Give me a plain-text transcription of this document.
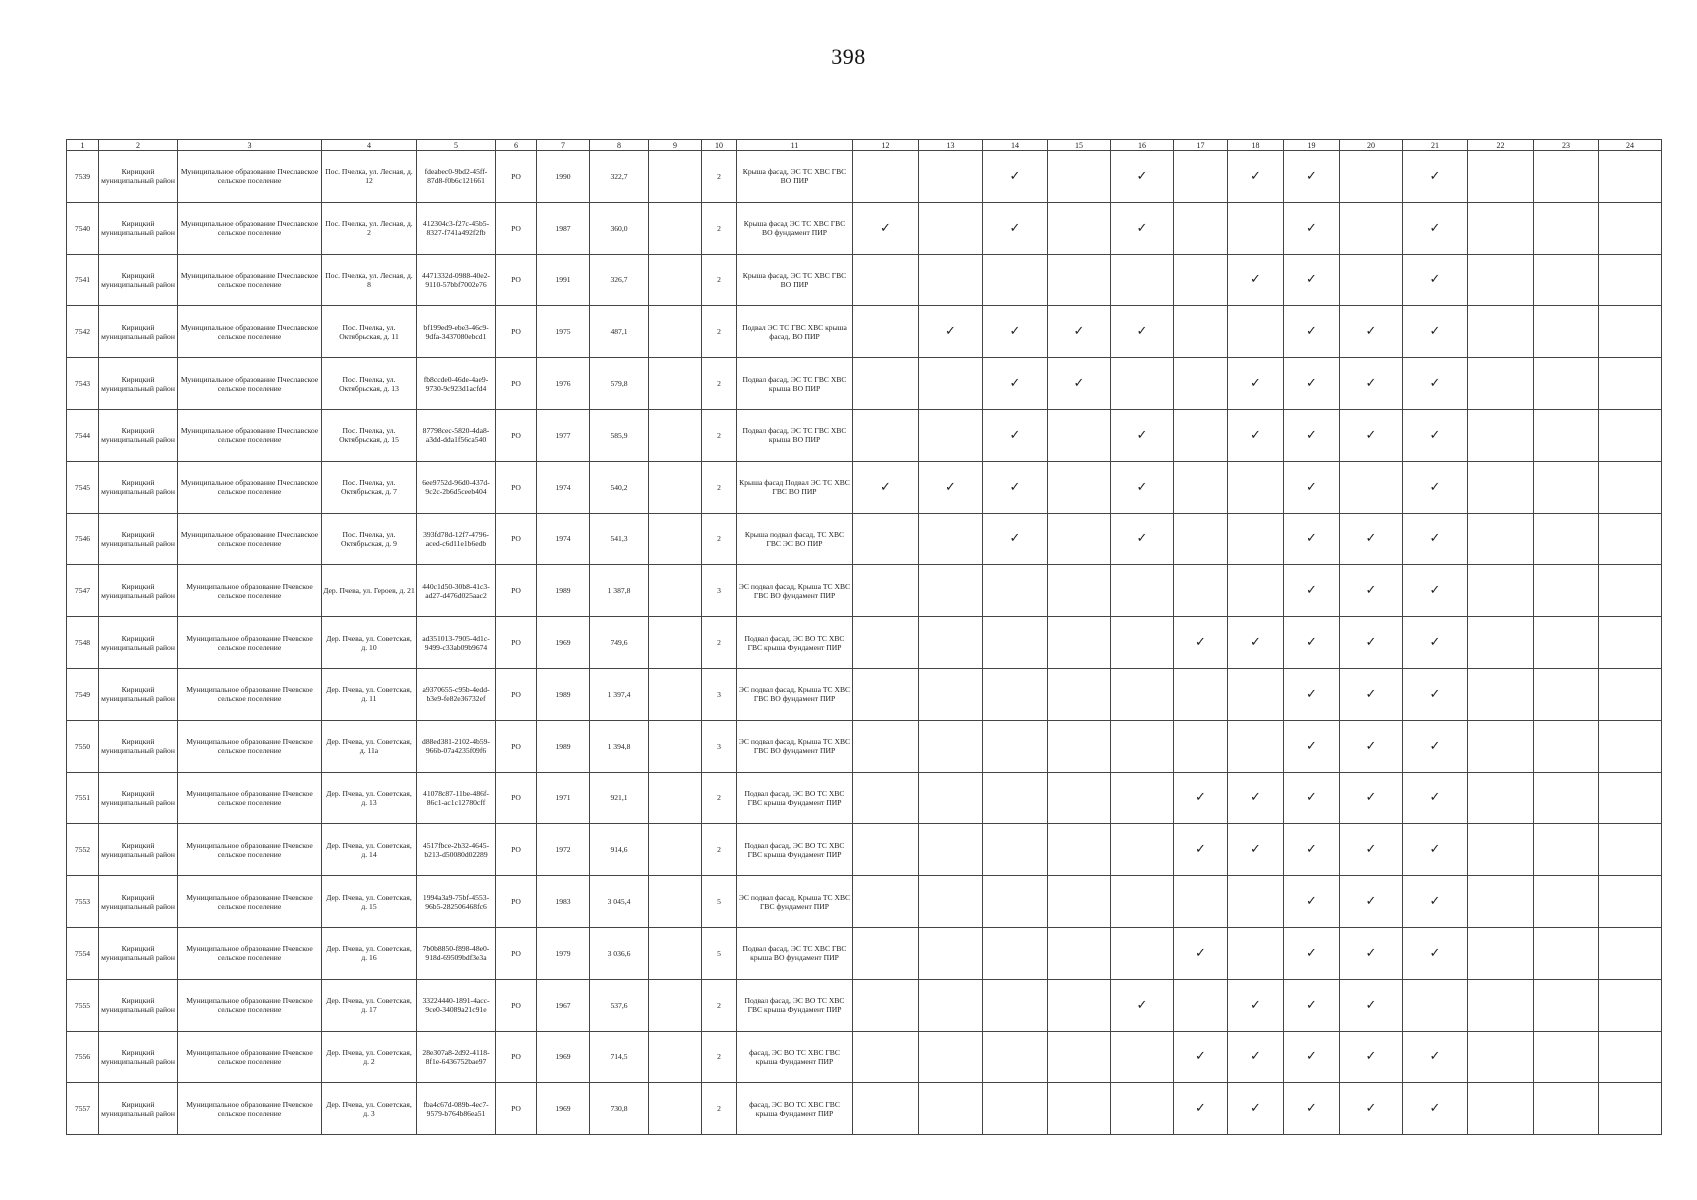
398
1	2	3	4	5	6	7	8	9	10	11	12	13	14	15	16	17	18	19	20	21	22	23	24
7539	Кирицкий муниципальный район	Муниципальное образование Пчеславское сельское поселение	Пос. Пчелка, ул. Лесная, д. 12	fdeabec0-9bd2-45ff-87d8-f0b6c121661	РО	1990	322,7		2	Крыша фасад, ЭС ТС ХВС ГВС ВО ПИР			✓		✓		✓	✓		✓			
7540	Кирицкий муниципальный район	Муниципальное образование Пчеславское сельское поселение	Пос. Пчелка, ул. Лесная, д. 2	412304c3-f27c-45b5-8327-f741a492f2fb	РО	1987	360,0		2	Крыша фасад ЭС ТС ХВС ГВС ВО фундамент ПИР	✓		✓		✓			✓		✓			
7541	Кирицкий муниципальный район	Муниципальное образование Пчеславское сельское поселение	Пос. Пчелка, ул. Лесная, д. 8	4471332d-0988-40e2-9110-57bbf7002e76	РО	1991	326,7		2	Крыша фасад, ЭС ТС ХВС ГВС ВО ПИР							✓	✓		✓			
7542	Кирицкий муниципальный район	Муниципальное образование Пчеславское сельское поселение	Пос. Пчелка, ул. Октябрьская, д. 11	bf199ed9-ebe3-46c9-9dfa-3437080ebcd1	РО	1975	487,1		2	Подвал ЭС ТС ГВС ХВС крыша фасад, ВО ПИР		✓	✓	✓	✓			✓	✓	✓			
7543	Кирицкий муниципальный район	Муниципальное образование Пчеславское сельское поселение	Пос. Пчелка, ул. Октябрьская, д. 13	fb8ccde0-46de-4ae9-9730-9c923d1acfd4	РО	1976	579,8		2	Подвал фасад, ЭС ТС ГВС ХВС крыша ВО ПИР			✓	✓			✓	✓	✓	✓			
7544	Кирицкий муниципальный район	Муниципальное образование Пчеславское сельское поселение	Пос. Пчелка, ул. Октябрьская, д. 15	87798cec-5820-4da8-a3dd-dda1f56ca540	РО	1977	585,9		2	Подвал фасад, ЭС ТС ГВС ХВС крыша ВО ПИР			✓		✓		✓	✓	✓	✓			
7545	Кирицкий муниципальный район	Муниципальное образование Пчеславское сельское поселение	Пос. Пчелка, ул. Октябрьская, д. 7	6ee9752d-96d0-437d-9c2c-2b6d5ceeb404	РО	1974	540,2		2	Крыша фасад Подвал ЭС ТС ХВС ГВС ВО ПИР	✓	✓	✓		✓			✓		✓			
7546	Кирицкий муниципальный район	Муниципальное образование Пчеславское сельское поселение	Пос. Пчелка, ул. Октябрьская, д. 9	393fd78d-12f7-4796-aced-c6d11e1b6edb	РО	1974	541,3		2	Крыша подвал фасад, ТС ХВС ГВС ЭС ВО ПИР			✓		✓			✓	✓	✓			
7547	Кирицкий муниципальный район	Муниципальное образование Пчевское сельское поселение	Дер. Пчева, ул. Героев, д. 21	440c1d50-30b8-41c3-ad27-d476d025aac2	РО	1989	1 387,8		3	ЭС подвал фасад, Крыша ТС ХВС ГВС ВО фундамент ПИР								✓	✓	✓			
7548	Кирицкий муниципальный район	Муниципальное образование Пчевское сельское поселение	Дер. Пчева, ул. Советская, д. 10	ad351013-7905-4d1c-9499-c33ab09b9674	РО	1969	749,6		2	Подвал фасад, ЭС ВО ТС ХВС ГВС крыша Фундамент ПИР						✓	✓	✓	✓	✓			
7549	Кирицкий муниципальный район	Муниципальное образование Пчевское сельское поселение	Дер. Пчева, ул. Советская, д. 11	a9370655-c95b-4edd-b3e9-fe82e36732ef	РО	1989	1 397,4		3	ЭС подвал фасад, Крыша ТС ХВС ГВС ВО фундамент ПИР								✓	✓	✓			
7550	Кирицкий муниципальный район	Муниципальное образование Пчевское сельское поселение	Дер. Пчева, ул. Советская, д. 11а	d88ed381-2102-4b59-966b-07a4235f09f6	РО	1989	1 394,8		3	ЭС подвал фасад, Крыша ТС ХВС ГВС ВО фундамент ПИР								✓	✓	✓			
7551	Кирицкий муниципальный район	Муниципальное образование Пчевское сельское поселение	Дер. Пчева, ул. Советская, д. 13	41078c87-11be-486f-86c1-ac1c12780cff	РО	1971	921,1		2	Подвал фасад, ЭС ВО ТС ХВС ГВС крыша Фундамент ПИР						✓	✓	✓	✓	✓			
7552	Кирицкий муниципальный район	Муниципальное образование Пчевское сельское поселение	Дер. Пчева, ул. Советская, д. 14	4517fbce-2b32-4645-b213-d50080d02289	РО	1972	914,6		2	Подвал фасад, ЭС ВО ТС ХВС ГВС крыша Фундамент ПИР						✓	✓	✓	✓	✓			
7553	Кирицкий муниципальный район	Муниципальное образование Пчевское сельское поселение	Дер. Пчева, ул. Советская, д. 15	1994a3a9-75bf-4553-96b5-282506468fc6	РО	1983	3 045,4		5	ЭС подвал фасад, Крыша ТС ХВС ГВС фундамент ПИР								✓	✓	✓			
7554	Кирицкий муниципальный район	Муниципальное образование Пчевское сельское поселение	Дер. Пчева, ул. Советская, д. 16	7b0b8850-f898-48e0-918d-69509bdf3e3a	РО	1979	3 036,6		5	Подвал фасад, ЭС ТС ХВС ГВС крыша ВО фундамент ПИР						✓		✓	✓	✓			
7555	Кирицкий муниципальный район	Муниципальное образование Пчевское сельское поселение	Дер. Пчева, ул. Советская, д. 17	33224440-1891-4acc-9ce0-34089a21c91e	РО	1967	537,6		2	Подвал фасад, ЭС ВО ТС ХВС ГВС крыша Фундамент ПИР					✓		✓	✓	✓				
7556	Кирицкий муниципальный район	Муниципальное образование Пчевское сельское поселение	Дер. Пчева, ул. Советская, д. 2	28e307a8-2d92-4118-8f1e-6436752bae97	РО	1969	714,5		2	фасад, ЭС ВО ТС ХВС ГВС крыша Фундамент ПИР						✓	✓	✓	✓	✓			
7557	Кирицкий муниципальный район	Муниципальное образование Пчевское сельское поселение	Дер. Пчева, ул. Советская, д. 3	fba4c67d-089b-4ec7-9579-b764b86ea51	РО	1969	730,8		2	фасад, ЭС ВО ТС ХВС ГВС крыша Фундамент ПИР						✓	✓	✓	✓	✓			
